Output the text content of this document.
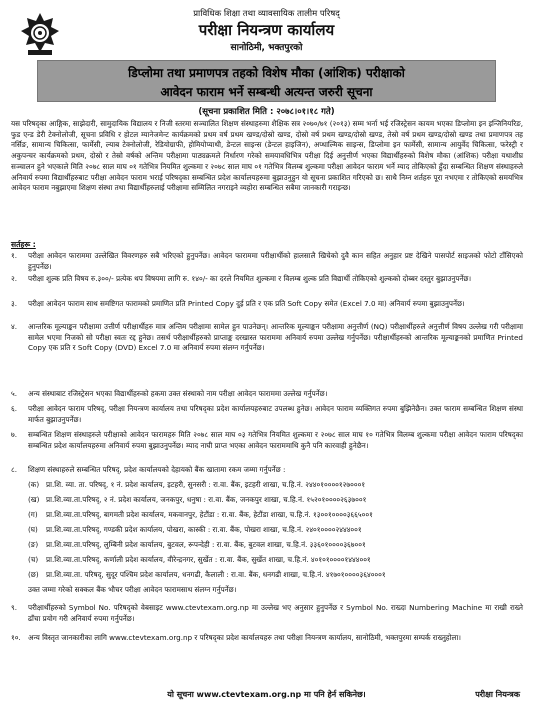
प्राविधिक शिक्षा तथा व्यावसायिक तालीम परिषद्
परीक्षा नियन्त्रण कार्यालय
सानोठिमी, भक्तपुरको
डिप्लोमा तथा प्रमाणपत्र तहको विशेष मौका (आंशिक) परीक्षाको
आवेदन फाराम भर्ने सम्बन्धी अत्यन्त जरुरी सूचना
(सूचना प्रकाशित मिति : २०७८।०१।१८ गते)
यस परिषद्का आङ्गिक, साझेदारी, सामुदायिक विद्यालय र निजी स्तरमा सञ्चालित शिक्षण संस्थाहरुमा शैक्षिक सत्र २०७०/७१ (२०१३) सम्म भर्ना भई रजिस्ट्रेसन कायम भएका डिप्लोमा इन इन्जिनियरिङ, फुड एन्ड डेरी टेक्नोलोजी, सूचना प्रविधि र होटल म्यानेजमेन्ट कार्यक्रमको प्रथम वर्ष प्रथम खण्ड/दोस्रो खण्ड, दोस्रो वर्ष प्रथम खण्ड/दोस्रो खण्ड, तेस्रो वर्ष प्रथम खण्ड/दोस्रो खण्ड तथा प्रमाणपत्र तह नर्सिङ, सामान्य चिकित्सा, फार्मेसी, ल्याब टेक्नोलोजी, रेडियोग्राफी, होमियोप्याथी, डेन्टल साइन्स (डेन्टल हाइजिन), अप्थाल्मिक साइन्स, डिप्लोमा इन फार्मेसी, सामान्य आयुर्वेद चिकित्सा, फरेस्ट्री र अकुपन्चर कार्यक्रमको प्रथम, दोस्रो र तेस्रो वर्षको अन्तिम परीक्षामा पाठ्यक्रमले निर्धारण गरेको समयावधिभित्र परीक्षा दिई अनुत्तीर्ण भएका विद्यार्थीहरुको विशेष मौका (आंशिक) परीक्षा यथाशीघ्र सञ्चालन हुने भएकाले मिति २०७८ साल माघ ०१ गतेभित्र नियमित शुल्कमा र २०७८ साल माघ ०१ गतेभित्र विलम्ब शुल्कमा परीक्षा आवेदन फाराम भर्ने म्याद तोकिएको हुँदा सम्बन्धित शिक्षण संस्थाहरुले अनिवार्य रुपमा विद्यार्थीहरुबाट परीक्षा आवेदन फाराम भराई परिषद्का सम्बन्धित प्रदेश कार्यालयहरुमा बुझाउनुहुन यो सूचना प्रकाशित गरिएको छ। साथै निम्न शर्तहरु पूरा नभएमा र तोकिएको समयभित्र आवेदन फाराम नबुझाएमा शिक्षण संस्था तथा विद्यार्थीहरुलाई परीक्षामा सम्मिलित नगराइने व्यहोरा सम्बन्धित सबैमा जानकारी गराइन्छ।
सर्तहरू :
१.	परीक्षा आवेदन फाराममा उल्लेखित विवरणहरु सबै भरिएको हुनुपर्नेछ। आवेदन फाराममा परीक्षार्थीको हालसालै खिचेको दुवै कान सहित अनुहार प्रष्ट देखिने पासपोर्ट साइजको फोटो टाँसिएको हुनुपर्नेछ।
२.	परीक्षा शुल्क प्रति विषय रु.३००/- प्रत्येक थप विषयमा लागि रु. १४०/- का दरले नियमित शुल्कमा र विलम्ब शुल्क प्रति विद्यार्थी तोकिएको शुल्कको दोब्बर दस्तुर बुझाउनुपर्नेछ।
३.	परीक्षा आवेदन फाराम साथ समष्टिगत फारामको प्रमाणित प्रति Printed Copy दुई प्रति र एक प्रति Soft Copy समेत (Excel 7.0 मा) अनिवार्य रुपमा बुझाउनुपर्नेछ।
४.	आन्तरिक मूल्याङ्कन परीक्षामा उत्तीर्ण परीक्षार्थीहरु मात्र अन्तिम परीक्षामा सामेल हुन पाउनेछन्। आन्तरिक मूल्याङ्कन परीक्षामा अनुत्तीर्ण (NQ) परीक्षार्थीहरुले अनुत्तीर्ण विषय उल्लेख गरी परीक्षामा सामेल भएमा निजको सो परीक्षा स्वतः रद्द हुनेछ। तसर्थ परीक्षार्थीहरुको प्राप्ताङ्क दरखास्त फाराममा अनिवार्य रुपमा उल्लेख गर्नुपर्नेछ। परीक्षार्थीहरुको आन्तरिक मूल्याङ्कनको प्रमाणित Printed Copy एक प्रति र Soft Copy (DVD) Excel 7.0 मा अनिवार्य रुपमा संलग्न गर्नुपर्नेछ।
५.	अन्य संस्थाबाट रजिस्ट्रेसन भएका विद्यार्थीहरुको हकमा उक्त संस्थाको नाम परीक्षा आवेदन फाराममा उल्लेख गर्नुपर्नेछ।
६.	परीक्षा आवेदन फाराम परिषद्, परीक्षा नियन्त्रण कार्यालय तथा परिषद्का प्रदेश कार्यालयहरुबाट उपलब्ध हुनेछ। आवेदन फाराम व्यक्तिगत रुपमा बुझिनेछैन। उक्त फाराम सम्बन्धित शिक्षण संस्था मार्फत बुझाउनुपर्नेछ।
७.	सम्बन्धित शिक्षण संस्थाहरुले परीक्षाको आवेदन फारामहरु मिति २०७८ साल माघ ०३ गतेभित्र नियमित शुल्कमा र २०७८ साल माघ १० गतेभित्र विलम्ब शुल्कमा परीक्षा आवेदन फाराम परिषद्का सम्बन्धित प्रदेश कार्यालयहरुमा अनिवार्य रुपमा बुझाउनुपर्नेछ। म्याद नाघी प्राप्त भएका आवेदन फाराममाथि कुनै पनि कारवाही हुनेछैन।
८.	शिक्षण संस्थाहरुले सम्बन्धित परिषद्, प्रदेश कार्यालयको देहायको बैंक खातामा रकम जम्मा गर्नुपर्नेछ :
(क) प्रा.शि. व्या. ता. परिषद्, १ नं. प्रदेश कार्यालय, इटहरी, सुनसरी : रा.वा. बैंक, इटहरी शाखा, च.हि.नं. २४४०१००००१२७०००१
(ख) प्रा.शि.व्या.ता.परिषद्, २ नं. प्रदेश कार्यालय, जनकपुर, धनुषा : रा.वा. बैंक, जनकपुर शाखा, च.हि.नं. १५२०१००००२६३७००१
(ग)	प्रा.शि.व्या.ता.परिषद्, बागमती प्रदेश कार्यालय, मकवानपुर, हेटौंडा : रा.वा. बैंक, हेटौंडा शाखा, च.हि.नं. १३००१००००३६६५००१
(घ)	प्रा.शि.व्या.ता.परिषद्, गण्डकी प्रदेश कार्यालय, पोखरा, कास्की : रा.वा. बैंक, पोखरा शाखा, च.हि.नं. २४०१००००२४४४००१
(ङ)	प्रा.शि.व्या.ता.परिषद्, लुम्बिनी प्रदेश कार्यालय, बुटवल, रूपन्देही : रा.वा. बैंक, बुटवल शाखा, च.हि.नं. ३३६०१००००३६७००१
(च)	प्रा.शि.व्या.ता.परिषद्, कर्णाली प्रदेश कार्यालय, वीरेन्द्रनगर, सुर्खेत : रा.वा. बैंक, सुर्खेत शाखा, च.हि.नं. ४०१०१००००१४४४००१
(छ)	प्रा.शि.व्या.ता. परिषद्, सुदूर पश्चिम प्रदेश कार्यालय, धनगढी, कैलाली : रा.वा. बैंक, धनगढी शाखा, च.हि.नं. ४१७०१००००३६४०००१
उक्त जम्मा गरेको सक्कल बैंक भौचर परीक्षा आवेदन फारामसाथ संलग्न गर्नुपर्नेछ।
९.	परीक्षार्थीहरुको Symbol No. परिषद्को वेबसाइट www.ctevtexam.org.np मा उल्लेख भए अनुसार हुनुपर्नेछ र Symbol No. राख्दा Numbering Machine मा राखी राख्ने ढाँचा प्रयोग गरी अनिवार्य रुपमा गर्नुपर्नेछ।
१०.	अन्य विस्तृत जानकारीका लागि www.ctevtexam.org.np र परिषद्का प्रदेश कार्यालयहरु तथा परीक्षा नियन्त्रण कार्यालय, सानोठिमी, भक्तपुरमा सम्पर्क राख्नुहोला।
यो सूचना www.ctevtexam.org.np मा पनि हेर्न सकिनेछ।	परीक्षा नियन्त्रक
